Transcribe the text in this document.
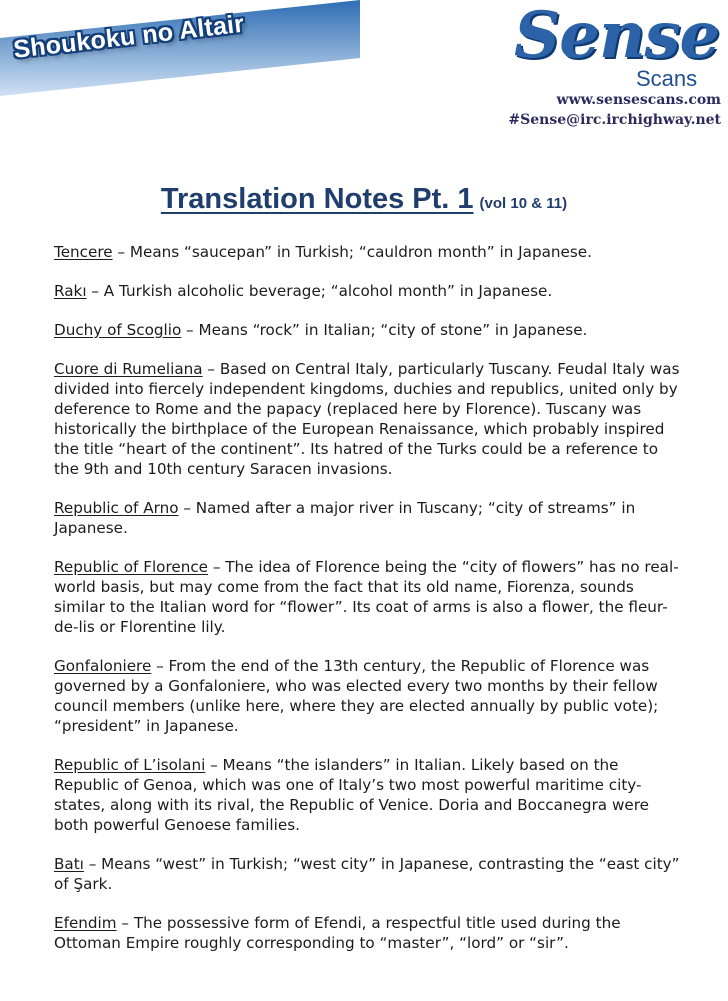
Shoukoku no Altair	Sense
Scans
www.sensescans.com
#Sense@irc.irchighway.net
Translation Notes Pt. 1 (vol 10 & 11)

Tencere – Means “saucepan” in Turkish; “cauldron month” in Japanese.

Rakı – A Turkish alcoholic beverage; “alcohol month” in Japanese.

Duchy of Scoglio – Means “rock” in Italian; “city of stone” in Japanese.

Cuore di Rumeliana – Based on Central Italy, particularly Tuscany. Feudal Italy was divided into fiercely independent kingdoms, duchies and republics, united only by deference to Rome and the papacy (replaced here by Florence). Tuscany was historically the birthplace of the European Renaissance, which probably inspired the title “heart of the continent”. Its hatred of the Turks could be a reference to the 9th and 10th century Saracen invasions.

Republic of Arno – Named after a major river in Tuscany; “city of streams” in Japanese.

Republic of Florence – The idea of Florence being the “city of flowers” has no real-world basis, but may come from the fact that its old name, Fiorenza, sounds similar to the Italian word for “flower”. Its coat of arms is also a flower, the fleur-de-lis or Florentine lily.

Gonfaloniere – From the end of the 13th century, the Republic of Florence was governed by a Gonfaloniere, who was elected every two months by their fellow council members (unlike here, where they are elected annually by public vote); “president” in Japanese.

Republic of L’isolani – Means “the islanders” in Italian. Likely based on the Republic of Genoa, which was one of Italy’s two most powerful maritime city-states, along with its rival, the Republic of Venice. Doria and Boccanegra were both powerful Genoese families.

Batı – Means “west” in Turkish; “west city” in Japanese, contrasting the “east city” of Şark.

Efendim – The possessive form of Efendi, a respectful title used during the Ottoman Empire roughly corresponding to “master”, “lord” or “sir”.
